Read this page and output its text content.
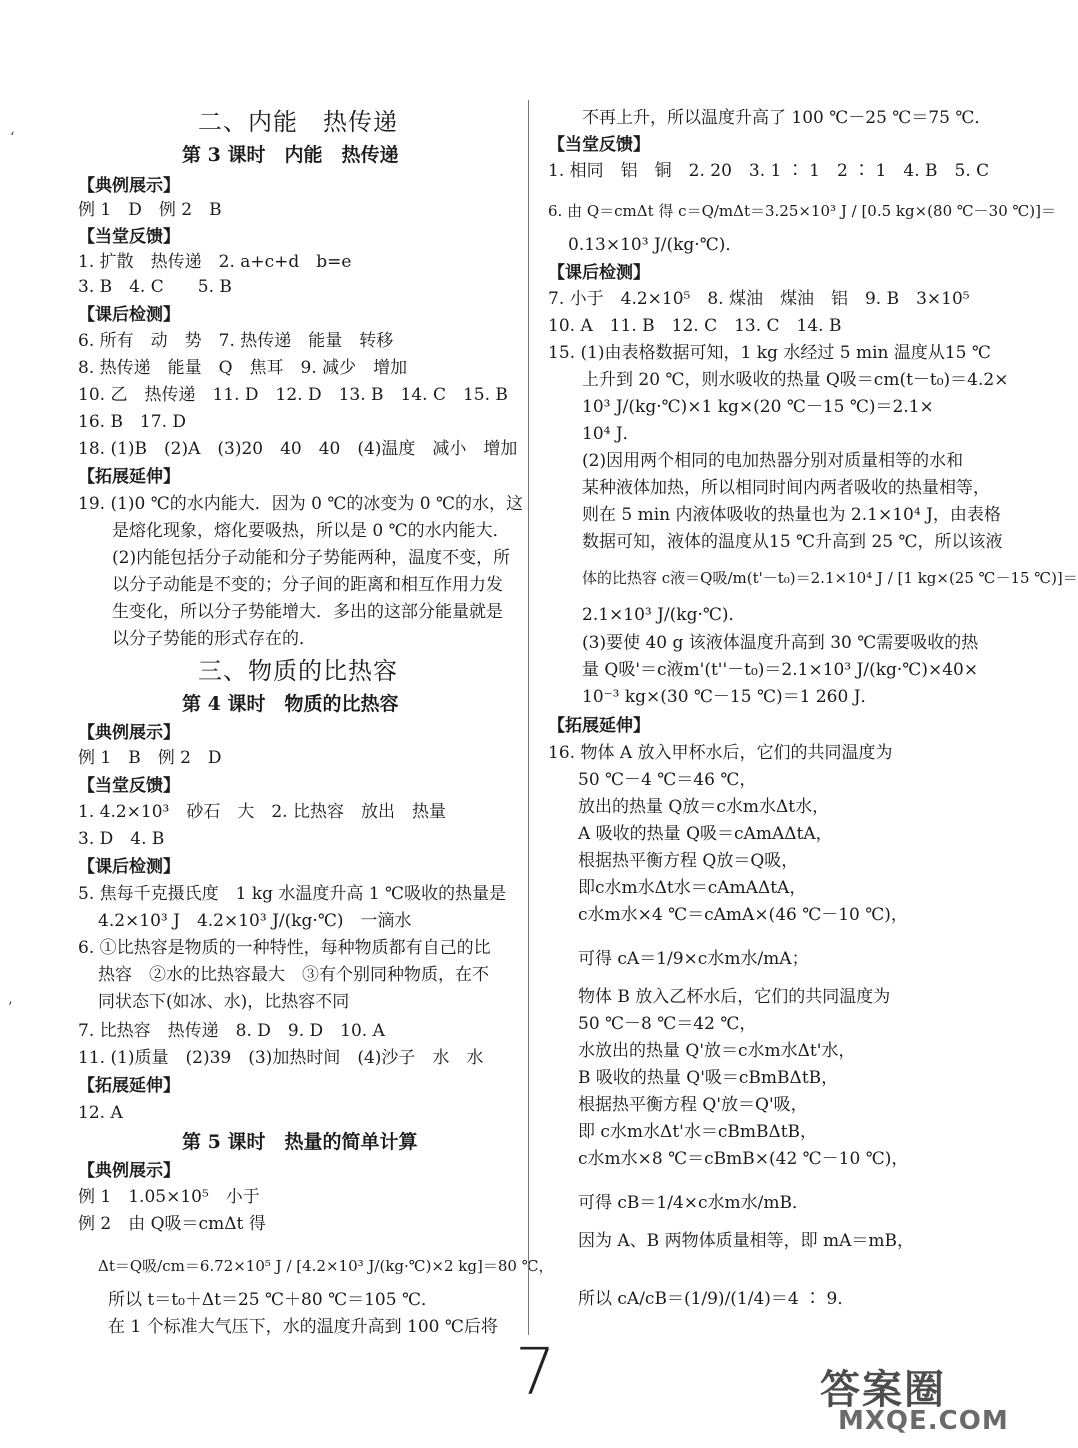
二、内能　热传递
第 3 课时　内能　热传递
【典例展示】
例 1　D　例 2　B
【当堂反馈】
1. 扩散　热传递　2. a+c+d　b=e
3. B　4. C　　5. B
【课后检测】
6. 所有　动　势　7. 热传递　能量　转移
8. 热传递　能量　Q　焦耳　9. 减少　增加
10. 乙　热传递　11. D　12. D　13. B　14. C　15. B
16. B　17. D
18. (1)B　(2)A　(3)20　40　40　(4)温度　减小　增加
【拓展延伸】
19. (1)0 ℃的水内能大．因为 0 ℃的冰变为 0 ℃的水，这
是熔化现象，熔化要吸热，所以是 0 ℃的水内能大．
(2)内能包括分子动能和分子势能两种，温度不变，所
以分子动能是不变的；分子间的距离和相互作用力发
生变化，所以分子势能增大．多出的这部分能量就是
以分子势能的形式存在的．
三、物质的比热容
第 4 课时　物质的比热容
【典例展示】
例 1　B　例 2　D
【当堂反馈】
1. 4.2×10³　砂石　大　2. 比热容　放出　热量
3. D　4. B
【课后检测】
5. 焦每千克摄氏度　1 kg 水温度升高 1 ℃吸收的热量是
4.2×10³ J　4.2×10³ J/(kg·℃)　一滴水
6. ①比热容是物质的一种特性，每种物质都有自己的比
热容　②水的比热容最大　③有个别同种物质，在不
同状态下(如冰、水)，比热容不同
7. 比热容　热传递　8. D　9. D　10. A
11. (1)质量　(2)39　(3)加热时间　(4)沙子　水　水
【拓展延伸】
12. A
第 5 课时　热量的简单计算
【典例展示】
例 1　1.05×10⁵　小于
例 2　由 Q吸＝cmΔt 得
Δt＝Q吸/cm＝6.72×10⁵ J / [4.2×10³ J/(kg·℃)×2 kg]＝80 ℃，
所以 t＝t₀＋Δt＝25 ℃＋80 ℃＝105 ℃．
在 1 个标准大气压下，水的温度升高到 100 ℃后将
不再上升，所以温度升高了 100 ℃－25 ℃＝75 ℃．
【当堂反馈】
1. 相同　铝　铜　2. 20　3. 1 ∶ 1　2 ∶ 1　4. B　5. C
6. 由 Q＝cmΔt 得 c＝Q/mΔt＝3.25×10³ J / [0.5 kg×(80 ℃－30 ℃)]＝
0.13×10³ J/(kg·℃)．
【课后检测】
7. 小于　4.2×10⁵　8. 煤油　煤油　铝　9. B　3×10⁵
10. A　11. B　12. C　13. C　14. B
15. (1)由表格数据可知，1 kg 水经过 5 min 温度从15 ℃
上升到 20 ℃，则水吸收的热量 Q吸＝cm(t－t₀)＝4.2×
10³ J/(kg·℃)×1 kg×(20 ℃－15 ℃)＝2.1×
10⁴ J．
(2)因用两个相同的电加热器分别对质量相等的水和
某种液体加热，所以相同时间内两者吸收的热量相等，
则在 5 min 内液体吸收的热量也为 2.1×10⁴ J，由表格
数据可知，液体的温度从15 ℃升高到 25 ℃，所以该液
体的比热容 c液＝Q吸/m(t'－t₀)＝2.1×10⁴ J / [1 kg×(25 ℃－15 ℃)]＝
2.1×10³ J/(kg·℃)．
(3)要使 40 g 该液体温度升高到 30 ℃需要吸收的热
量 Q吸'＝c液m'(t''－t₀)＝2.1×10³ J/(kg·℃)×40×
10⁻³ kg×(30 ℃－15 ℃)＝1 260 J．
【拓展延伸】
16. 物体 A 放入甲杯水后，它们的共同温度为
50 ℃－4 ℃＝46 ℃，
放出的热量 Q放＝c水m水Δt水，
A 吸收的热量 Q吸＝cAmAΔtA，
根据热平衡方程 Q放＝Q吸，
即c水m水Δt水＝cAmAΔtA，
c水m水×4 ℃＝cAmA×(46 ℃－10 ℃)，
可得 cA＝1/9×c水m水/mA；
物体 B 放入乙杯水后，它们的共同温度为
50 ℃－8 ℃＝42 ℃，
水放出的热量 Q'放＝c水m水Δt'水，
B 吸收的热量 Q'吸＝cBmBΔtB，
根据热平衡方程 Q'放＝Q'吸，
即 c水m水Δt'水＝cBmBΔtB，
c水m水×8 ℃＝cBmB×(42 ℃－10 ℃)，
可得 cB＝1/4×c水m水/mB．
因为 A、B 两物体质量相等，即 mA＝mB，
所以 cA/cB＝(1/9)/(1/4)＝4 ∶ 9．
7	答案圈
MXQE.COM
‘
’
